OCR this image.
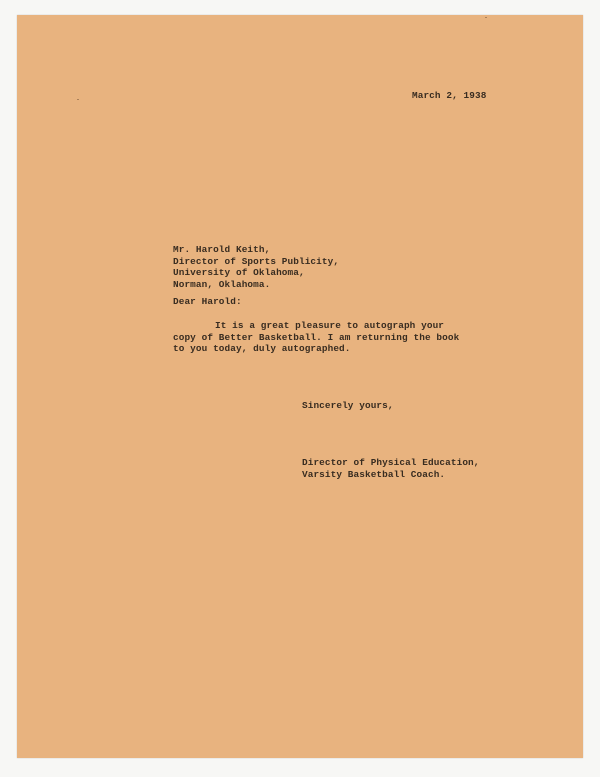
March 2, 1938
Mr. Harold Keith,
Director of Sports Publicity,
University of Oklahoma,
Norman, Oklahoma.
Dear Harold:
It is a great pleasure to autograph your
copy of Better Basketball. I am returning the book
to you today, duly autographed.
Sincerely yours,
Director of Physical Education,
Varsity Basketball Coach.
